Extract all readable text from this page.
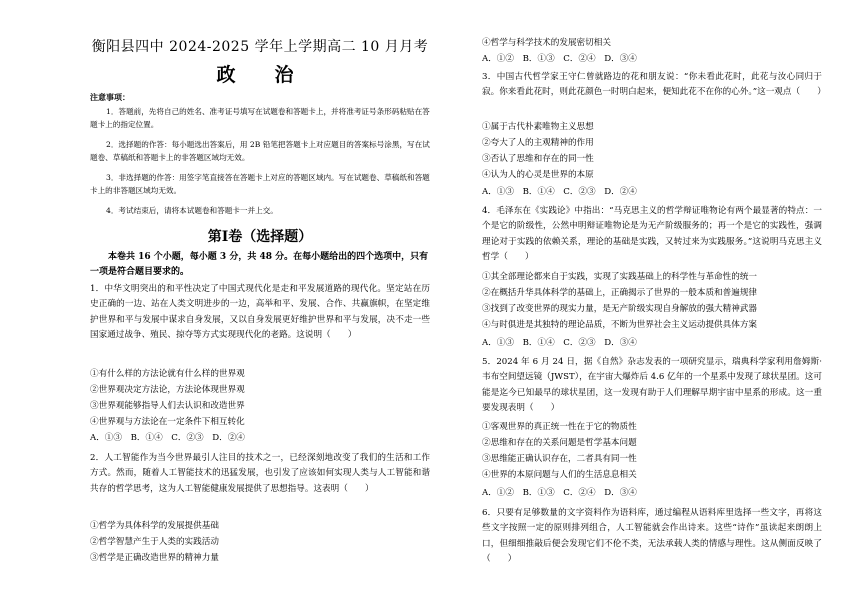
衡阳县四中 2024-2025 学年上学期高二 10 月月考
政　治
注意事项：
1．答题前，先将自己的姓名、准考证号填写在试题卷和答题卡上，并将准考证号条形码粘贴在答题卡上的指定位置。
2．选择题的作答：每小题选出答案后，用 2B 铅笔把答题卡上对应题目的答案标号涂黑，写在试题卷、草稿纸和答题卡上的非答题区域均无效。
3．非选择题的作答：用签字笔直接答在答题卡上对应的答题区域内。写在试题卷、草稿纸和答题卡上的非答题区域均无效。
4．考试结束后，请将本试题卷和答题卡一并上交。
第Ⅰ卷（选择题）
本卷共 16 个小题，每小题 3 分，共 48 分。在每小题给出的四个选项中，只有一项是符合题目要求的。
1．中华文明突出的和平性决定了中国式现代化是走和平发展道路的现代化。坚定站在历史正确的一边、站在人类文明进步的一边，高举和平、发展、合作、共赢旗帜，在坚定维护世界和平与发展中谋求自身发展，又以自身发展更好维护世界和平与发展，决不走一些国家通过战争、殖民、掠夺等方式实现现代化的老路。这说明（　　）
①有什么样的方法论就有什么样的世界观
②世界观决定方法论，方法论体现世界观
③世界观能够指导人们去认识和改造世界
④世界观与方法论在一定条件下相互转化
A．①③　B．①④　C．②③　D．②④
2．人工智能作为当今世界最引人注目的技术之一，已经深刻地改变了我们的生活和工作方式。然而，随着人工智能技术的迅猛发展，也引发了应该如何实现人类与人工智能和谐共存的哲学思考，这为人工智能健康发展提供了思想指导。这表明（　　）
①哲学为具体科学的发展提供基础
②哲学智慧产生于人类的实践活动
③哲学是正确改造世界的精神力量
④哲学与科学技术的发展密切相关
A．①②　B．①③　C．②④　D．③④
3．中国古代哲学家王守仁曾就路边的花和朋友说：“你未看此花时，此花与汝心同归于寂。你来看此花时，则此花颜色一时明白起来，便知此花不在你的心外。”这一观点（　　）
①属于古代朴素唯物主义思想
②夸大了人的主观精神的作用
③否认了思维和存在的同一性
④认为人的心灵是世界的本原
A．①③　B．①④　C．②③　D．②④
4．毛泽东在《实践论》中指出：“马克思主义的哲学辩证唯物论有两个最显著的特点：一个是它的阶级性，公然申明辩证唯物论是为无产阶级服务的；再一个是它的实践性，强调理论对于实践的依赖关系，理论的基础是实践，又转过来为实践服务。”这说明马克思主义哲学（　　）
①其全部理论都来自于实践，实现了实践基础上的科学性与革命性的统一
②在概括升华具体科学的基础上，正确揭示了世界的一般本质和普遍规律
③找到了改变世界的现实力量，是无产阶级实现自身解放的强大精神武器
④与时俱进是其独特的理论品质，不断为世界社会主义运动提供具体方案
A．①③　B．①④　C．②③　D．③④
5．2024 年 6 月 24 日，据《自然》杂志发表的一项研究显示，瑞典科学家利用詹姆斯·韦布空间望远镜（JWST），在宇宙大爆炸后 4.6 亿年的一个星系中发现了球状星团。这可能是迄今已知最早的球状星团，这一发现有助于人们理解早期宇宙中星系的形成。这一重要发现表明（　　）
①客观世界的真正统一性在于它的物质性
②思维和存在的关系问题是哲学基本问题
③思维能正确认识存在，二者具有同一性
④世界的本原问题与人们的生活息息相关
A．①②　B．①③　C．②④　D．③④
6．只要有足够数量的文字资料作为语料库，通过编程从语料库里选择一些文字，再将这些文字按照一定的原则排列组合，人工智能就会作出诗来。这些“诗作”虽读起来朗朗上口，但细细推敲后便会发现它们不伦不类，无法承载人类的情感与理性。这从侧面反映了（　　）
